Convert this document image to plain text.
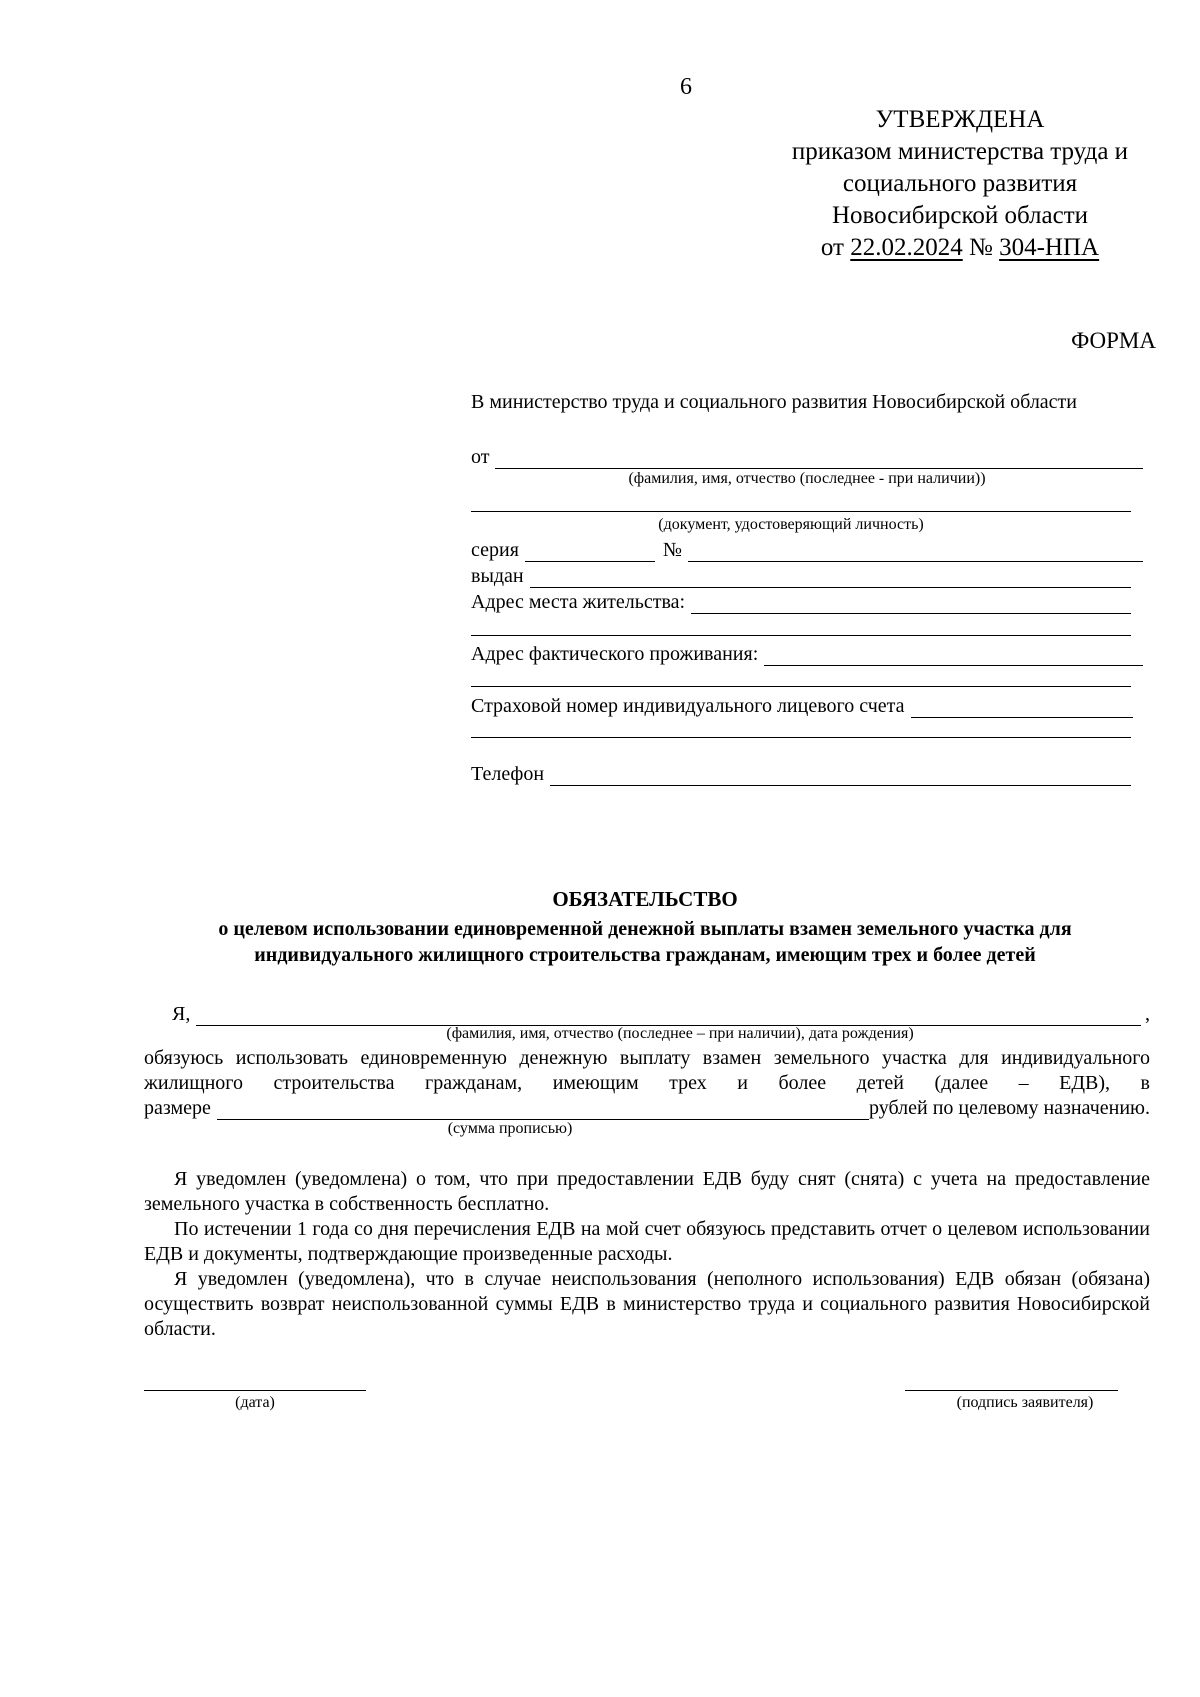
6
УТВЕРЖДЕНА
приказом министерства труда и
социального развития
Новосибирской области
от 22.02.2024 № 304-НПА
ФОРМА
В министерство труда и социального развития Новосибирской области
от
(фамилия, имя, отчество (последнее - при наличии))
(документ, удостоверяющий личность)
серия	№
выдан
Адрес места жительства:
Адрес фактического проживания:
Страховой номер индивидуального лицевого счета
Телефон
ОБЯЗАТЕЛЬСТВО
о целевом использовании единовременной денежной выплаты взамен земельного участка для индивидуального жилищного строительства гражданам, имеющим трех и более детей
Я,	,
(фамилия, имя, отчество (последнее – при наличии), дата рождения)
обязуюсь использовать единовременную денежную выплату взамен земельного участка для индивидуального жилищного строительства гражданам, имеющим трех и более детей (далее – ЕДВ), в
размере	рублей по целевому назначению.
(сумма прописью)

Я уведомлен (уведомлена) о том, что при предоставлении ЕДВ буду снят (снята) с учета на предоставление земельного участка в собственность бесплатно.

По истечении 1 года со дня перечисления ЕДВ на мой счет обязуюсь представить отчет о целевом использовании ЕДВ и документы, подтверждающие произведенные расходы.

Я уведомлен (уведомлена), что в случае неиспользования (неполного использования) ЕДВ обязан (обязана) осуществить возврат неиспользованной суммы ЕДВ в министерство труда и социального развития Новосибирской области.

(дата)	(подпись заявителя)
